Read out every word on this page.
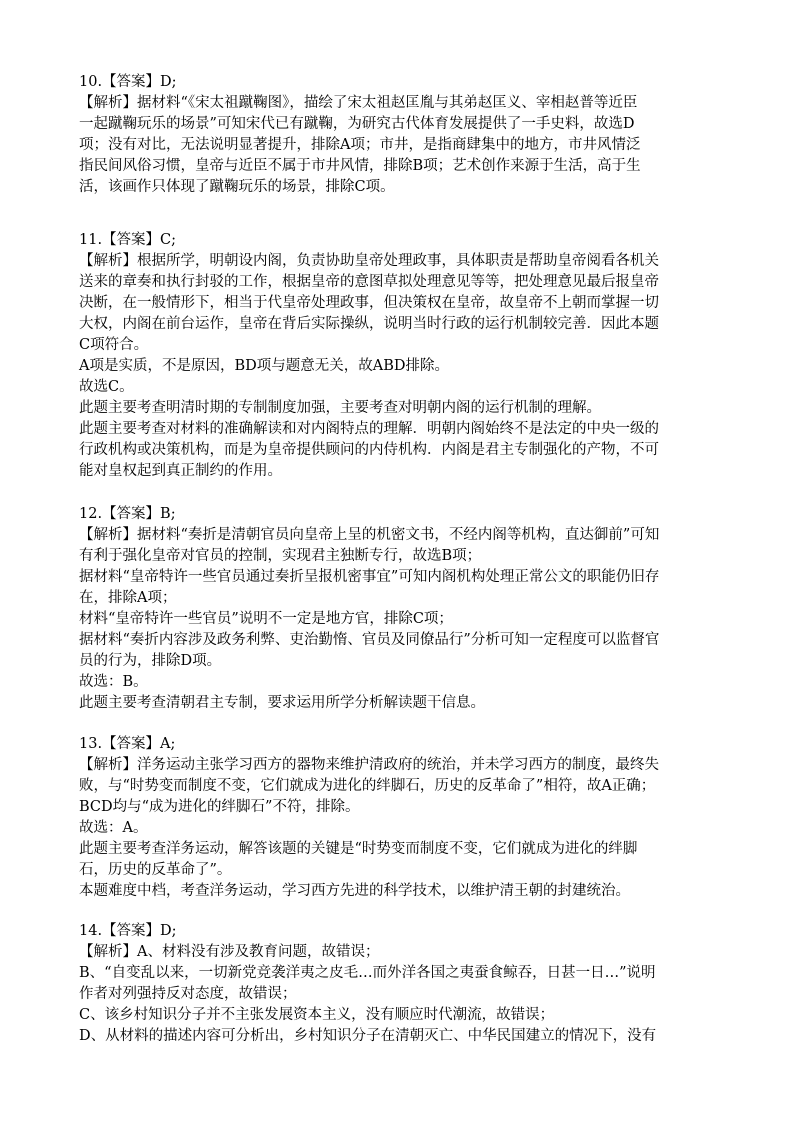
10.【答案】D;
【解析】据材料“《宋太祖蹴鞠图》，描绘了宋太祖赵匡胤与其弟赵匡义、宰相赵普等近臣
一起蹴鞠玩乐的场景”可知宋代已有蹴鞠，为研究古代体育发展提供了一手史料，故选D
项；没有对比，无法说明显著提升，排除A项；市井，是指商肆集中的地方，市井风情泛
指民间风俗习惯，皇帝与近臣不属于市井风情，排除B项；艺术创作来源于生活，高于生
活，该画作只体现了蹴鞠玩乐的场景，排除C项。
11.【答案】C;
【解析】根据所学，明朝设内阁，负责协助皇帝处理政事，具体职责是帮助皇帝阅看各机关
送来的章奏和执行封驳的工作，根据皇帝的意图草拟处理意见等等，把处理意见最后报皇帝
决断，在一般情形下，相当于代皇帝处理政事，但决策权在皇帝，故皇帝不上朝而掌握一切
大权，内阁在前台运作，皇帝在背后实际操纵，说明当时行政的运行机制较完善．因此本题
C项符合。
A项是实质，不是原因，BD项与题意无关，故ABD排除。
故选C。
此题主要考查明清时期的专制制度加强，主要考查对明朝内阁的运行机制的理解。
此题主要考查对材料的准确解读和对内阁特点的理解．明朝内阁始终不是法定的中央一级的
行政机构或决策机构，而是为皇帝提供顾问的内侍机构．内阁是君主专制强化的产物，不可
能对皇权起到真正制约的作用。
12.【答案】B;
【解析】据材料“奏折是清朝官员向皇帝上呈的机密文书，不经内阁等机构，直达御前”可知
有利于强化皇帝对官员的控制，实现君主独断专行，故选B项；
据材料“皇帝特许一些官员通过奏折呈报机密事宜”可知内阁机构处理正常公文的职能仍旧存
在，排除A项；
材料“皇帝特许一些官员”说明不一定是地方官，排除C项；
据材料“奏折内容涉及政务利弊、吏治勤惰、官员及同僚品行”分析可知一定程度可以监督官
员的行为，排除D项。
故选：B。
此题主要考查清朝君主专制，要求运用所学分析解读题干信息。
13.【答案】A;
【解析】洋务运动主张学习西方的器物来维护清政府的统治，并未学习西方的制度，最终失
败，与“时势变而制度不变，它们就成为进化的绊脚石，历史的反革命了”相符，故A正确；
BCD均与“成为进化的绊脚石”不符，排除。
故选：A。
此题主要考查洋务运动，解答该题的关键是“时势变而制度不变，它们就成为进化的绊脚
石，历史的反革命了”。
本题难度中档，考查洋务运动，学习西方先进的科学技术，以维护清王朝的封建统治。
14.【答案】D;
【解析】A、材料没有涉及教育问题，故错误；
B、“自变乱以来，一切新党竞袭洋夷之皮毛…而外洋各国之夷蚕食鲸吞，日甚一日…”说明
作者对列强持反对态度，故错误；
C、该乡村知识分子并不主张发展资本主义，没有顺应时代潮流，故错误；
D、从材料的描述内容可分析出，乡村知识分子在清朝灭亡、中华民国建立的情况下，没有
